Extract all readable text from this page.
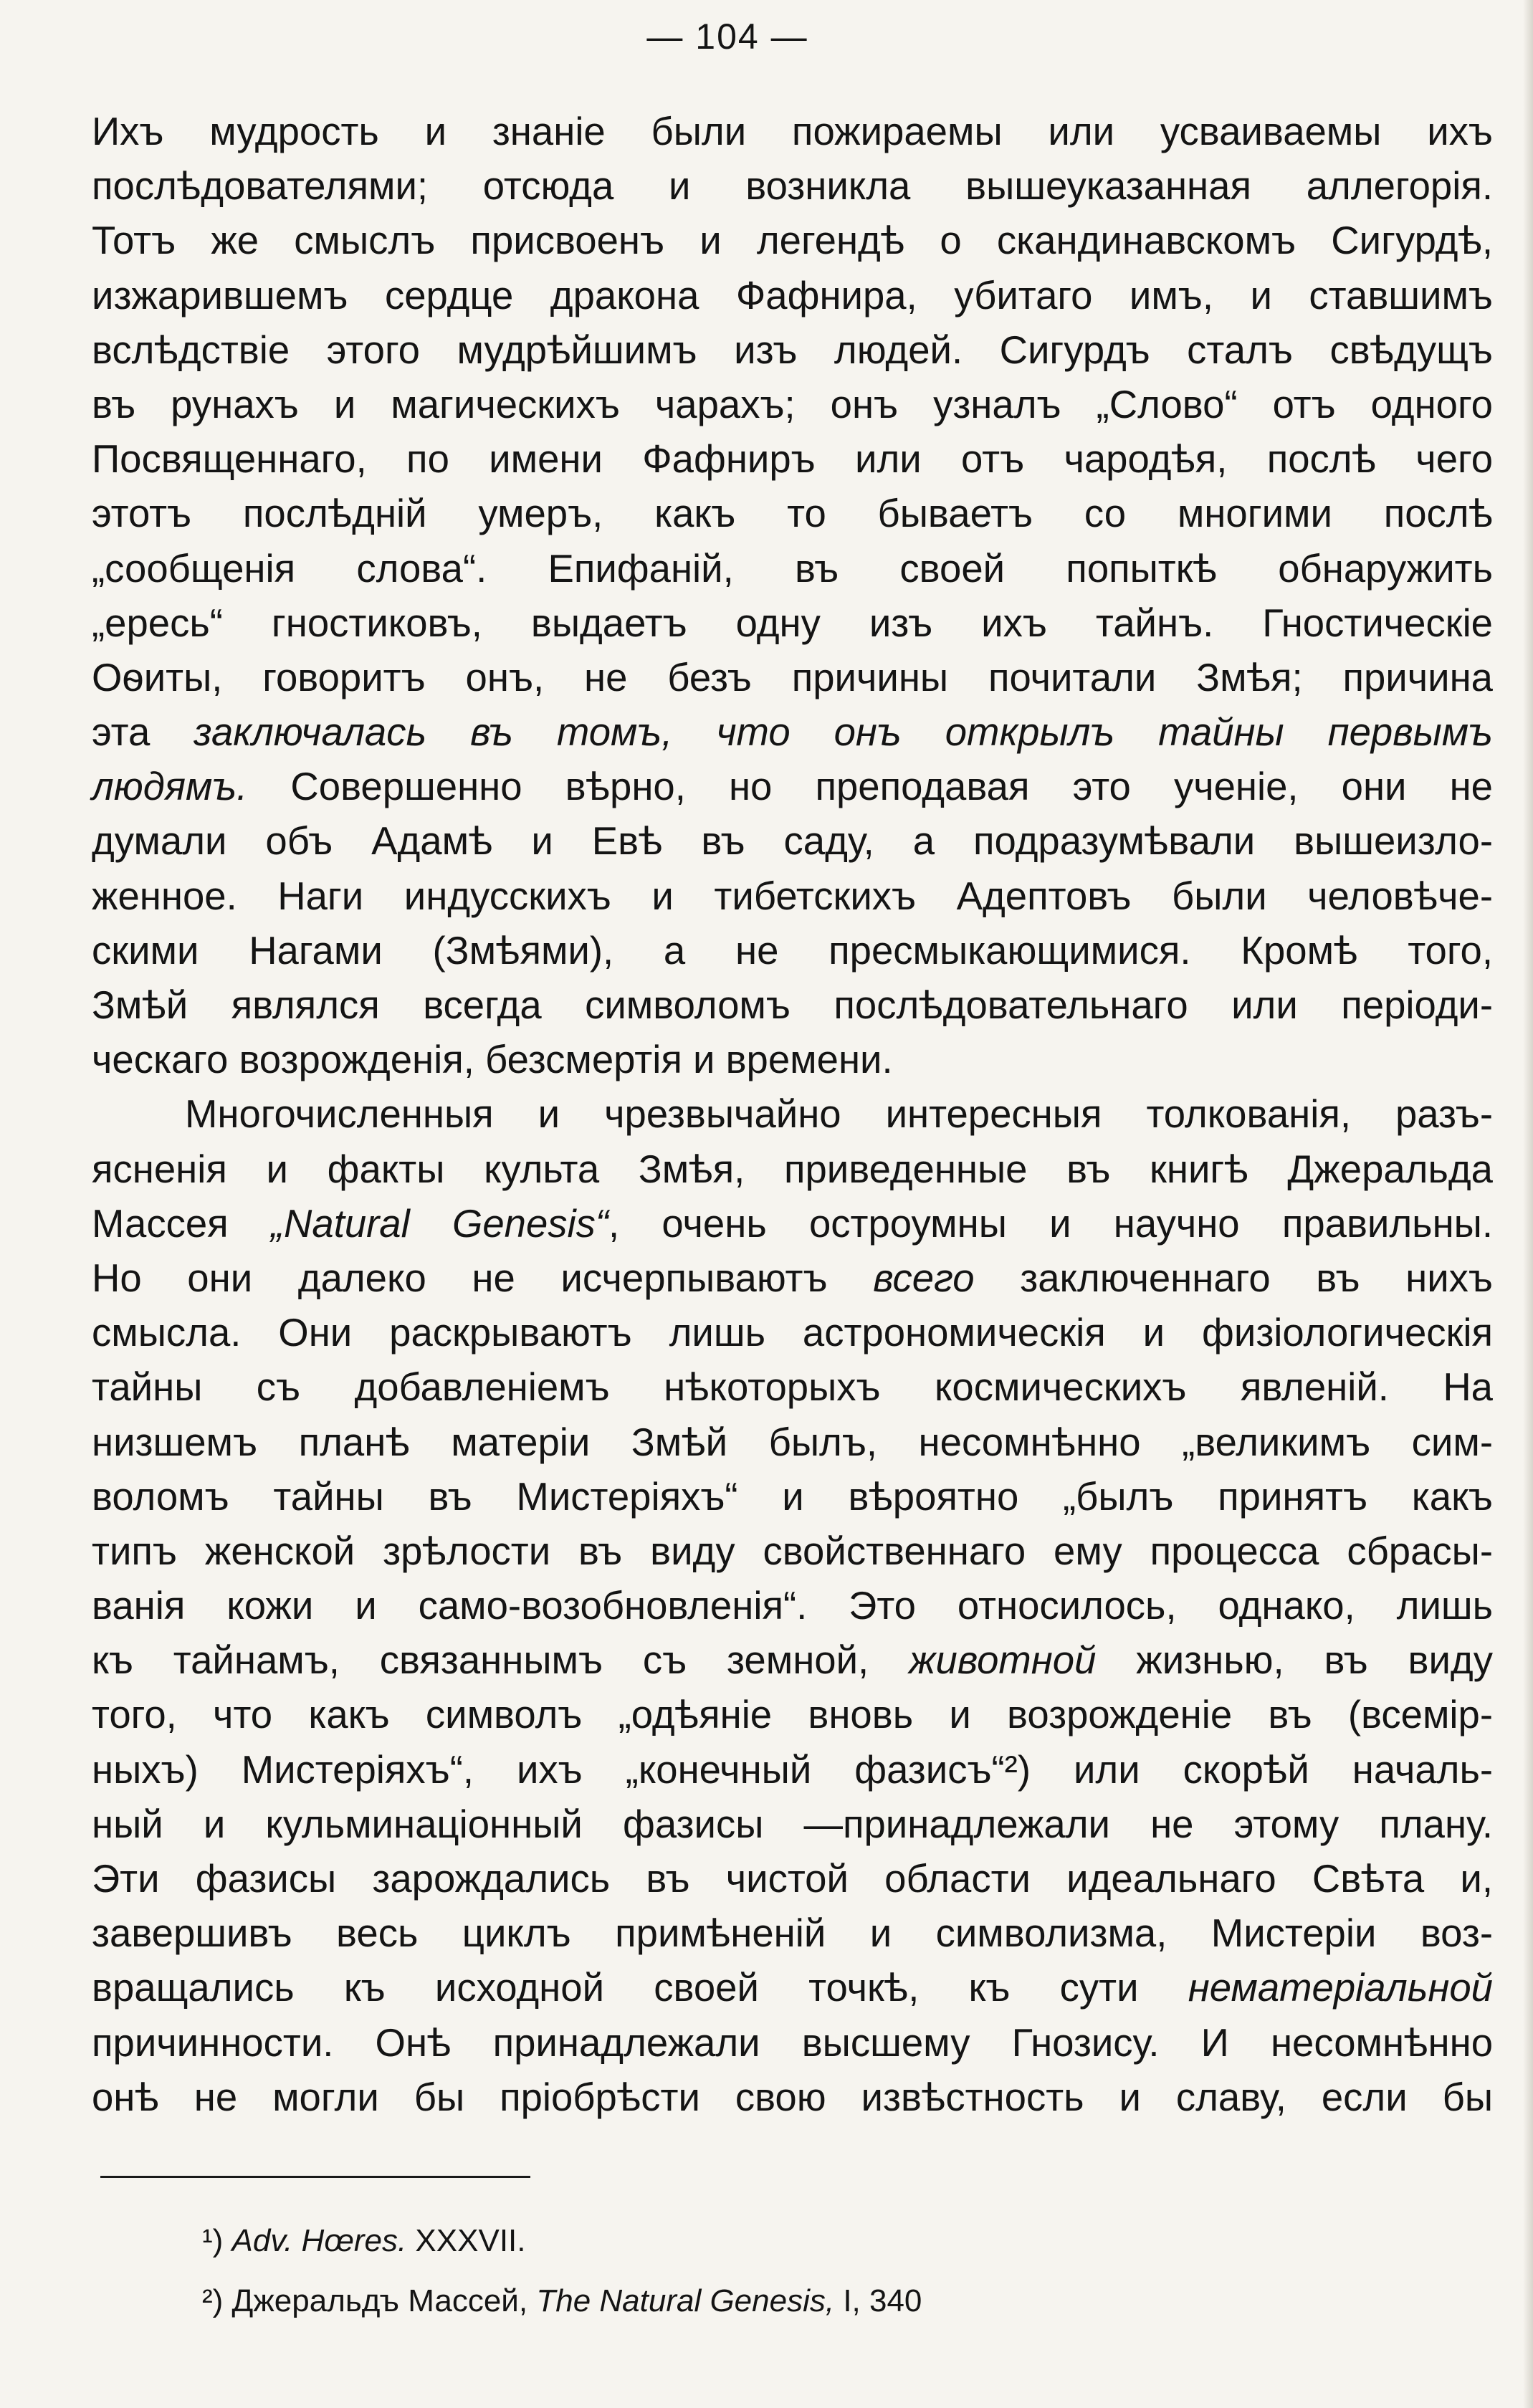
— 104 —
Ихъ мудрость и знаніе были пожираемы или усваиваемы ихъ
послѣдователями; отсюда и возникла вышеуказанная аллегорія.
Тотъ же смыслъ присвоенъ и легендѣ о скандинавскомъ Сигурдѣ,
изжарившемъ сердце дракона Фафнира, убитаго имъ, и ставшимъ
вслѣдствіе этого мудрѣйшимъ изъ людей. Сигурдъ сталъ свѣдущъ
въ рунахъ и магическихъ чарахъ; онъ узналъ „Слово“ отъ одного
Посвященнаго, по имени Фафниръ или отъ чародѣя, послѣ чего
этотъ послѣдній умеръ, какъ то бываетъ со многими послѣ
„сообщенія слова“. Епифаній, въ своей попыткѣ обнаружить
„ересь“ гностиковъ, выдаетъ одну изъ ихъ тайнъ. Гностическіе
Оѳиты, говоритъ онъ, не безъ причины почитали Змѣя; причина
эта заключалась въ томъ, что онъ открылъ тайны первымъ
людямъ. Совершенно вѣрно, но преподавая это ученіе, они не
думали объ Адамѣ и Евѣ въ саду, а подразумѣвали вышеизло-
женное. Наги индусскихъ и тибетскихъ Адептовъ были человѣче-
скими Нагами (Змѣями), а не пресмыкающимися. Кромѣ того,
Змѣй являлся всегда символомъ послѣдовательнаго или періоди-
ческаго возрожденія, безсмертія и времени.
Многочисленныя и чрезвычайно интересныя толкованія, разъ-
ясненія и факты культа Змѣя, приведенные въ книгѣ Джеральда
Массея „Natural Genesis“, очень остроумны и научно правильны.
Но они далеко не исчерпываютъ всего заключеннаго въ нихъ
смысла. Они раскрываютъ лишь астрономическія и физіологическія
тайны съ добавленіемъ нѣкоторыхъ космическихъ явленій. На
низшемъ планѣ матеріи Змѣй былъ, несомнѣнно „великимъ сим-
воломъ тайны въ Мистеріяхъ“ и вѣроятно „былъ принятъ какъ
типъ женской зрѣлости въ виду свойственнаго ему процесса сбрасы-
ванія кожи и само-возобновленія“. Это относилось, однако, лишь
къ тайнамъ, связаннымъ съ земной, животной жизнью, въ виду
того, что какъ символъ „одѣяніе вновь и возрожденіе въ (всемір-
ныхъ) Мистеріяхъ“, ихъ „конечный фазисъ“²) или скорѣй началь-
ный и кульминаціонный фазисы —принадлежали не этому плану.
Эти фазисы зарождались въ чистой области идеальнаго Свѣта и,
завершивъ весь циклъ примѣненій и символизма, Мистеріи воз-
вращались къ исходной своей точкѣ, къ сути нематеріальной
причинности. Онѣ принадлежали высшему Гнозису. И несомнѣнно
онѣ не могли бы пріобрѣсти свою извѣстность и славу, если бы
¹) Adv. Hœres. XXXVII.
²) Джеральдъ Массей, The Natural Genesis, I, 340
